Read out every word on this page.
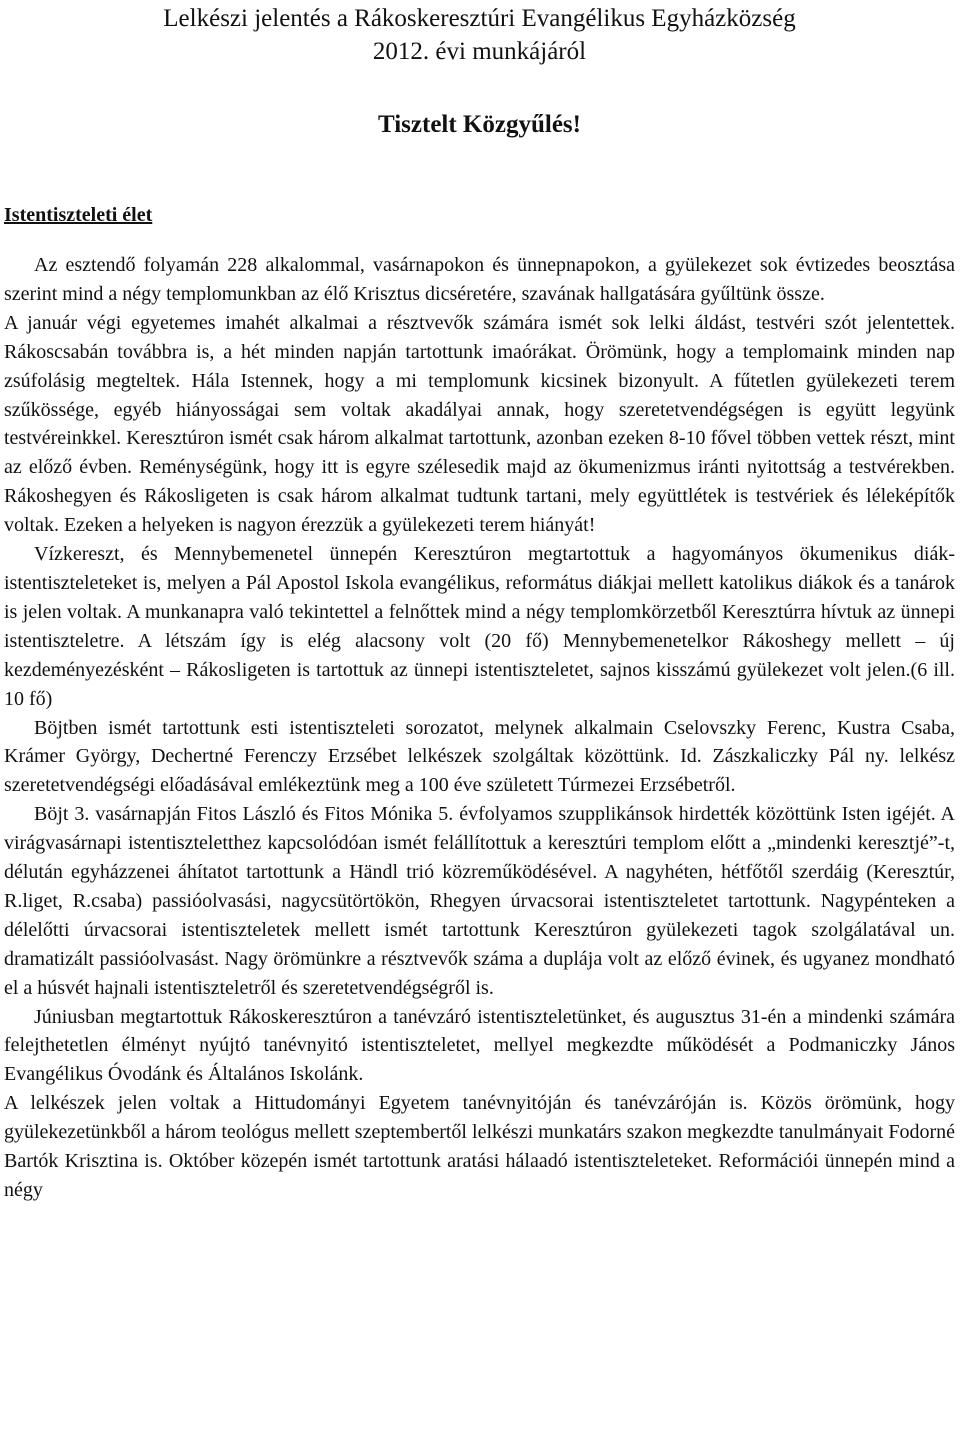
Lelkészi jelentés a Rákoskeresztúri Evangélikus Egyházközség
2012. évi munkájáról
Tisztelt Közgyűlés!
Istentiszteleti élet

Az esztendő folyamán 228 alkalommal, vasárnapokon és ünnepnapokon, a gyülekezet sok évtizedes beosztása szerint mind a négy templomunkban az élő Krisztus dicséretére, szavának hallgatására gyűltünk össze.

A január végi egyetemes imahét alkalmai a résztvevők számára ismét sok lelki áldást, testvéri szót jelentettek. Rákoscsabán továbbra is, a hét minden napján tartottunk imaórákat. Örömünk, hogy a templomaink minden nap zsúfolásig megteltek. Hála Istennek, hogy a mi templomunk kicsinek bizonyult. A fűtetlen gyülekezeti terem szűkössége, egyéb hiányosságai sem voltak akadályai annak, hogy szeretetvendégségen is együtt legyünk testvéreinkkel. Keresztúron ismét csak három alkalmat tartottunk, azonban ezeken 8-10 fővel többen vettek részt, mint az előző évben. Reménységünk, hogy itt is egyre szélesedik majd az ökumenizmus iránti nyitottság a testvérekben. Rákoshegyen és Rákosligeten is csak három alkalmat tudtunk tartani, mely együttlétek is testvériek és léleképítők voltak. Ezeken a helyeken is nagyon érezzük a gyülekezeti terem hiányát!

Vízkereszt, és Mennybemenetel ünnepén Keresztúron megtartottuk a hagyományos ökumenikus diák-istentiszteleteket is, melyen a Pál Apostol Iskola evangélikus, református diákjai mellett katolikus diákok és a tanárok is jelen voltak. A munkanapra való tekintettel a felnőttek mind a négy templomkörzetből Keresztúrra hívtuk az ünnepi istentiszteletre. A létszám így is elég alacsony volt (20 fő) Mennybemenetelkor Rákoshegy mellett – új kezdeményezésként – Rákosligeten is tartottuk az ünnepi istentiszteletet, sajnos kisszámú gyülekezet volt jelen.(6 ill. 10 fő)

Böjtben ismét tartottunk esti istentiszteleti sorozatot, melynek alkalmain Cselovszky Ferenc, Kustra Csaba, Krámer György, Dechertné Ferenczy Erzsébet lelkészek szolgáltak közöttünk. Id. Zászkaliczky Pál ny. lelkész szeretetvendégségi előadásával emlékeztünk meg a 100 éve született Túrmezei Erzsébetről.

Böjt 3. vasárnapján Fitos László és Fitos Mónika 5. évfolyamos szupplikánsok hirdették közöttünk Isten igéjét. A virágvasárnapi istentiszteletthez kapcsolódóan ismét felállítottuk a keresztúri templom előtt a „mindenki keresztjé”-t, délután egyházzenei áhítatot tartottunk a Händl trió közreműködésével. A nagyhéten, hétfőtől szerdáig (Keresztúr, R.liget, R.csaba) passióolvasási, nagycsütörtökön, Rhegyen úrvacsorai istentiszteletet tartottunk. Nagypénteken a délelőtti úrvacsorai istentiszteletek mellett ismét tartottunk Keresztúron gyülekezeti tagok szolgálatával un. dramatizált passióolvasást. Nagy örömünkre a résztvevők száma a duplája volt az előző évinek, és ugyanez mondható el a húsvét hajnali istentiszteletről és szeretetvendégségről is.

Júniusban megtartottuk Rákoskeresztúron a tanévzáró istentiszteletünket, és augusztus 31-én a mindenki számára felejthetetlen élményt nyújtó tanévnyitó istentiszteletet, mellyel megkezdte működését a Podmaniczky János Evangélikus Óvodánk és Általános Iskolánk.

A lelkészek jelen voltak a Hittudományi Egyetem tanévnyitóján és tanévzáróján is. Közös örömünk, hogy gyülekezetünkből a három teológus mellett szeptembertől lelkészi munkatárs szakon megkezdte tanulmányait Fodorné Bartók Krisztina is. Október közepén ismét tartottunk aratási hálaadó istentiszteleteket. Reformációi ünnepén mind a négy
